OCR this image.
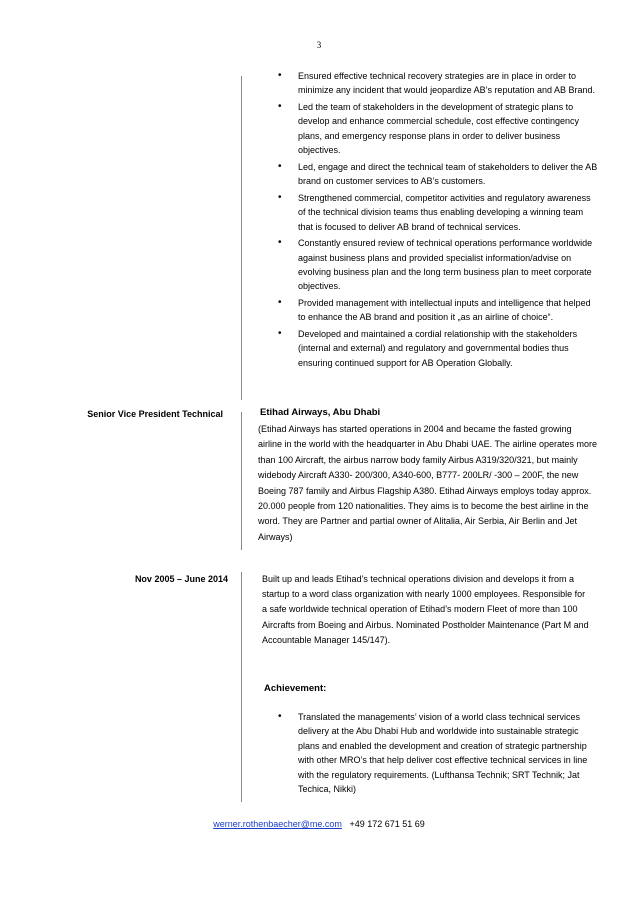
3
•	Ensured effective technical recovery strategies are in place in order to minimize any incident that would jeopardize AB’s reputation and AB Brand.
•	Led the team of stakeholders in the development of strategic plans to develop and enhance commercial schedule, cost effective contingency plans, and emergency response plans in order to deliver business objectives.
•	Led, engage and direct the technical team of stakeholders to deliver the AB brand on customer services to AB’s customers.
•	Strengthened commercial, competitor activities and regulatory awareness of the technical division teams thus enabling developing a winning team that is focused to deliver AB brand of technical services.
•	Constantly ensured review of technical operations performance worldwide against business plans and provided specialist information/advise on evolving business plan and the long term business plan to meet corporate objectives.
•	Provided management with intellectual inputs and intelligence that helped to enhance the AB brand and position it „as an airline of choice“.
•	Developed and maintained a cordial relationship with the stakeholders (internal and external) and regulatory and governmental bodies thus ensuring continued support for AB Operation Globally.
Senior Vice President Technical	Etihad Airways, Abu Dhabi
(Etihad Airways has started operations in 2004 and became the fasted growing airline in the world with the headquarter in Abu Dhabi UAE. The airline operates more than 100 Aircraft, the airbus narrow body family Airbus A319/320/321, but mainly widebody Aircraft A330- 200/300, A340-600, B777- 200LR/ -300 – 200F, the new Boeing 787 family and Airbus Flagship A380. Etihad Airways employs today approx. 20.000 people from 120 nationalities. They aims is to become the best airline in the word. They are Partner and partial owner of Alitalia, Air Serbia, Air Berlin and Jet Airways)
Nov 2005 – June 2014	Built up and leads Etihad’s technical operations division and develops it from a startup to a word class organization with nearly 1000 employees. Responsible for a safe worldwide technical operation of Etihad’s modern Fleet of more than 100 Aircrafts from Boeing and Airbus. Nominated Postholder Maintenance (Part M and Accountable Manager 145/147).
Achievement:
•	Translated the managements’ vision of a world class technical services delivery at the Abu Dhabi Hub and worldwide into sustainable strategic plans and enabled the development and creation of strategic partnership with other MRO’s that help deliver cost effective technical services in line with the regulatory requirements. (Lufthansa Technik; SRT Technik; Jat Techica, Nikki)
werner.rothenbaecher@me.com +49 172 671 51 69
